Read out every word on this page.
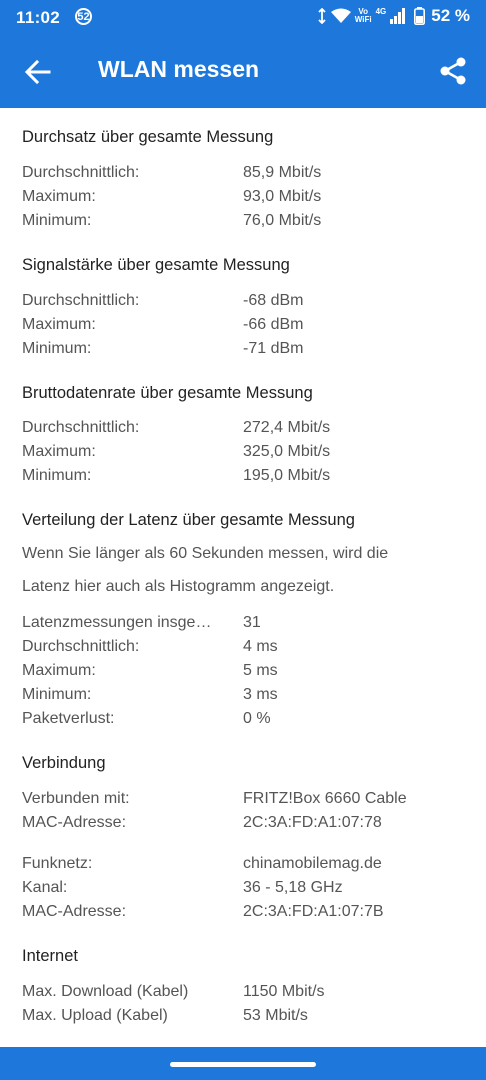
11:02 52	Vo
WiFi
4G	52 %
WLAN messen
Durchsatz über gesamte Messung
Durchschnittlich:	85,9 Mbit/s
Maximum:	93,0 Mbit/s
Minimum:	76,0 Mbit/s
Signalstärke über gesamte Messung
Durchschnittlich:	-68 dBm
Maximum:	-66 dBm
Minimum:	-71 dBm
Bruttodatenrate über gesamte Messung
Durchschnittlich:	272,4 Mbit/s
Maximum:	325,0 Mbit/s
Minimum:	195,0 Mbit/s
Verteilung der Latenz über gesamte Messung
Wenn Sie länger als 60 Sekunden messen, wird die
Latenz hier auch als Histogramm angezeigt.
Latenzmessungen insge…	31
Durchschnittlich:	4 ms
Maximum:	5 ms
Minimum:	3 ms
Paketverlust:	0 %
Verbindung
Verbunden mit:	FRITZ!Box 6660 Cable
MAC-Adresse:	2C:3A:FD:A1:07:78
Funknetz:	chinamobilemag.de
Kanal:	36 - 5,18 GHz
MAC-Adresse:	2C:3A:FD:A1:07:7B
Internet
Max. Download (Kabel)	1150 Mbit/s
Max. Upload (Kabel)	53 Mbit/s
